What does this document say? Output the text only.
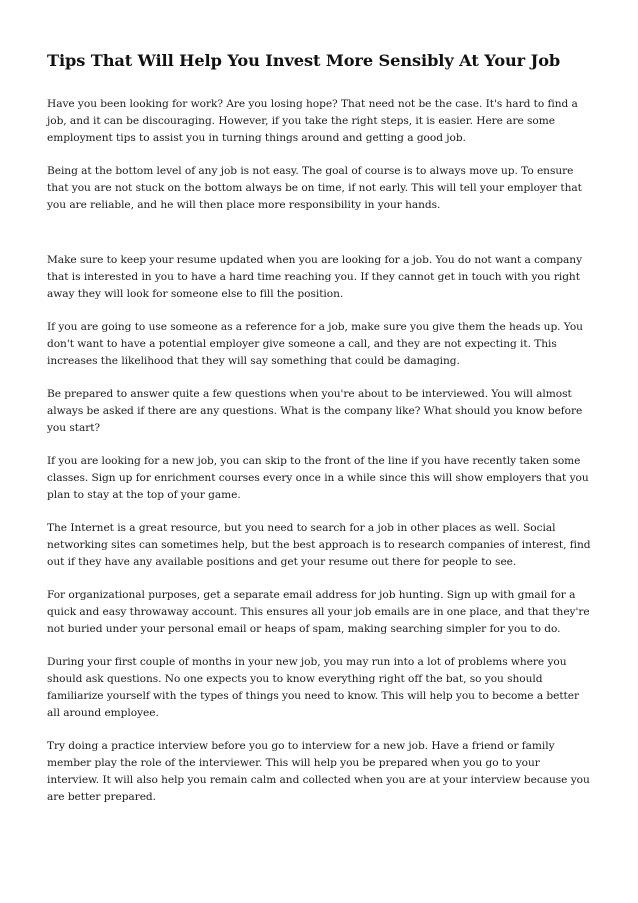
Tips That Will Help You Invest More Sensibly At Your Job

Have you been looking for work? Are you losing hope? That need not be the case. It's hard to find a job, and it can be discouraging. However, if you take the right steps, it is easier. Here are some employment tips to assist you in turning things around and getting a good job.

Being at the bottom level of any job is not easy. The goal of course is to always move up. To ensure that you are not stuck on the bottom always be on time, if not early. This will tell your employer that you are reliable, and he will then place more responsibility in your hands.

Make sure to keep your resume updated when you are looking for a job. You do not want a company that is interested in you to have a hard time reaching you. If they cannot get in touch with you right away they will look for someone else to fill the position.

If you are going to use someone as a reference for a job, make sure you give them the heads up. You don't want to have a potential employer give someone a call, and they are not expecting it. This increases the likelihood that they will say something that could be damaging.

Be prepared to answer quite a few questions when you're about to be interviewed. You will almost always be asked if there are any questions. What is the company like? What should you know before you start?

If you are looking for a new job, you can skip to the front of the line if you have recently taken some classes. Sign up for enrichment courses every once in a while since this will show employers that you plan to stay at the top of your game.

The Internet is a great resource, but you need to search for a job in other places as well. Social networking sites can sometimes help, but the best approach is to research companies of interest, find out if they have any available positions and get your resume out there for people to see.

For organizational purposes, get a separate email address for job hunting. Sign up with gmail for a quick and easy throwaway account. This ensures all your job emails are in one place, and that they're not buried under your personal email or heaps of spam, making searching simpler for you to do.

During your first couple of months in your new job, you may run into a lot of problems where you should ask questions. No one expects you to know everything right off the bat, so you should familiarize yourself with the types of things you need to know. This will help you to become a better all around employee.

Try doing a practice interview before you go to interview for a new job. Have a friend or family member play the role of the interviewer. This will help you be prepared when you go to your interview. It will also help you remain calm and collected when you are at your interview because you are better prepared.
